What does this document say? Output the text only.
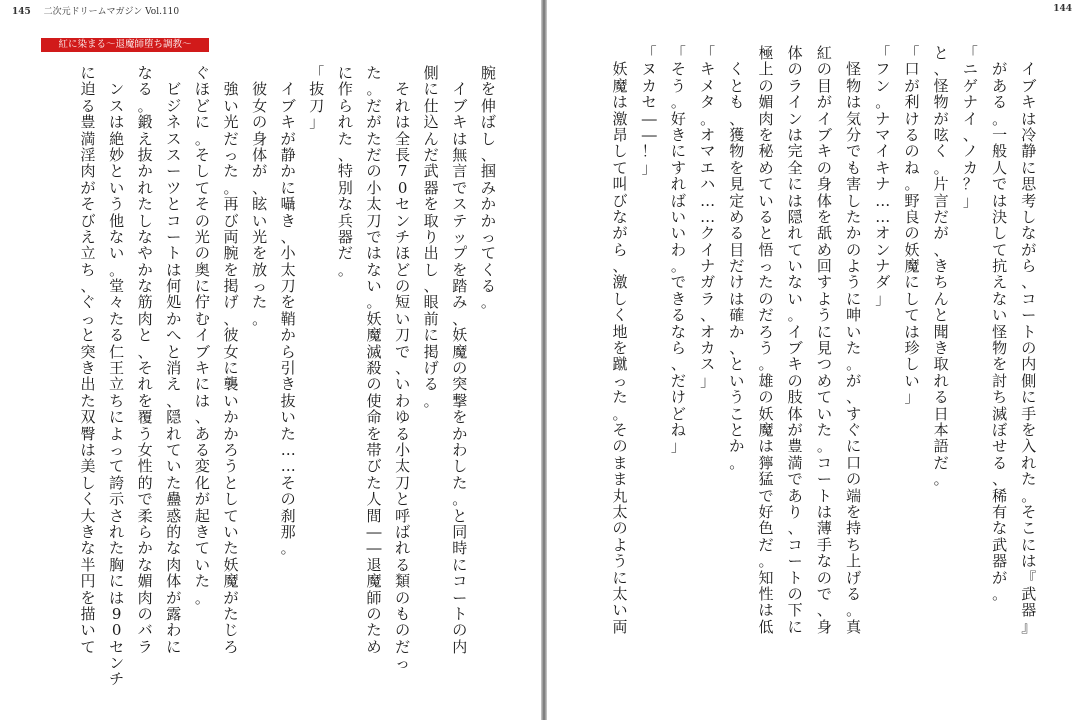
145 二次元ドリームマガジン Vol.110
紅に染まる～退魔師堕ち調教～
に
迫
る
豊
満
淫
肉
が
そ
び
え
立
ち
、
ぐ
っ
と
突
き
出
た
双
臀
は
美
し
く
大
き
な
半
円
を
描
い
て
ン
ス
は
絶
妙
と
い
う
他
な
い
。
堂
々
た
る
仁
王
立
ち
に
よ
っ
て
誇
示
さ
れ
た
胸
に
は
9
0
セ
ン
チ
な
る
。
鍛
え
抜
か
れ
た
し
な
や
か
な
筋
肉
と
、
そ
れ
を
覆
う
女
性
的
で
柔
ら
か
な
媚
肉
の
バ
ラ
ビ
ジ
ネ
ス
ス
ー
ツ
と
コ
ー
ト
は
何
処
か
へ
と
消
え
、
隠
れ
て
い
た
蠱
惑
的
な
肉
体
が
露
わ
に
ぐ
ほ
ど
に
。
そ
し
て
そ
の
光
の
奥
に
佇
む
イ
ブ
キ
に
は
、
あ
る
変
化
が
起
き
て
い
た
。
強
い
光
だ
っ
た
。
再
び
両
腕
を
掲
げ
、
彼
女
に
襲
い
か
か
ろ
う
と
し
て
い
た
妖
魔
が
た
じ
ろ
彼
女
の
身
体
が
、
眩
い
光
を
放
っ
た
。
イ
ブ
キ
が
静
か
に
囁
き
、
小
太
刀
を
鞘
か
ら
引
き
抜
い
た
…
…
そ
の
刹
那
。
「
抜
刀
」
に
作
ら
れ
た
、
特
別
な
兵
器
だ
。
た
。
だ
が
た
だ
の
小
太
刀
で
は
な
い
。
妖
魔
滅
殺
の
使
命
を
帯
び
た
人
間
―
―
退
魔
師
の
た
め
そ
れ
は
全
長
7
0
セ
ン
チ
ほ
ど
の
短
い
刀
で
、
い
わ
ゆ
る
小
太
刀
と
呼
ば
れ
る
類
の
も
の
だ
っ
側
に
仕
込
ん
だ
武
器
を
取
り
出
し
、
眼
前
に
掲
げ
る
。
イ
ブ
キ
は
無
言
で
ス
テ
ッ
プ
を
踏
み
、
妖
魔
の
突
撃
を
か
わ
し
た
。
と
同
時
に
コ
ー
ト
の
内
腕
を
伸
ば
し
、
掴
み
か
か
っ
て
く
る
。
144
妖
魔
は
激
昂
し
て
叫
び
な
が
ら
、
激
し
く
地
を
蹴
っ
た
。
そ
の
ま
ま
丸
太
の
よ
う
に
太
い
両
「
ヌ
カ
セ
―
―
！
」
「
そ
う
。
好
き
に
す
れ
ば
い
い
わ
。
で
き
る
な
ら
、
だ
け
ど
ね
」
「
キ
メ
タ
。
オ
マ
エ
ハ
…
…
ク
イ
ナ
ガ
ラ
、
オ
カ
ス
」
く
と
も
、
獲
物
を
見
定
め
る
目
だ
け
は
確
か
、
と
い
う
こ
と
か
。
極
上
の
媚
肉
を
秘
め
て
い
る
と
悟
っ
た
の
だ
ろ
う
。
雄
の
妖
魔
は
獰
猛
で
好
色
だ
。
知
性
は
低
体
の
ラ
イ
ン
は
完
全
に
は
隠
れ
て
い
な
い
。
イ
ブ
キ
の
肢
体
が
豊
満
で
あ
り
、
コ
ー
ト
の
下
に
紅
の
目
が
イ
ブ
キ
の
身
体
を
舐
め
回
す
よ
う
に
見
つ
め
て
い
た
。
コ
ー
ト
は
薄
手
な
の
で
、
身
怪
物
は
気
分
で
も
害
し
た
か
の
よ
う
に
呻
い
た
。
が
、
す
ぐ
に
口
の
端
を
持
ち
上
げ
る
。
真
「
フ
ン
。
ナ
マ
イ
キ
ナ
…
…
オ
ン
ナ
ダ
」
「
口
が
利
け
る
の
ね
。
野
良
の
妖
魔
に
し
て
は
珍
し
い
」
と
、
怪
物
が
呟
く
。
片
言
だ
が
、
き
ち
ん
と
聞
き
取
れ
る
日
本
語
だ
。
「
ニ
ゲ
ナ
イ
、
ノ
カ
？
」
が
あ
る
。
一
般
人
で
は
決
し
て
抗
え
な
い
怪
物
を
討
ち
滅
ぼ
せ
る
、
稀
有
な
武
器
が
。
イ
ブ
キ
は
冷
静
に
思
考
し
な
が
ら
、
コ
ー
ト
の
内
側
に
手
を
入
れ
た
。
そ
こ
に
は
『
武
器
』
